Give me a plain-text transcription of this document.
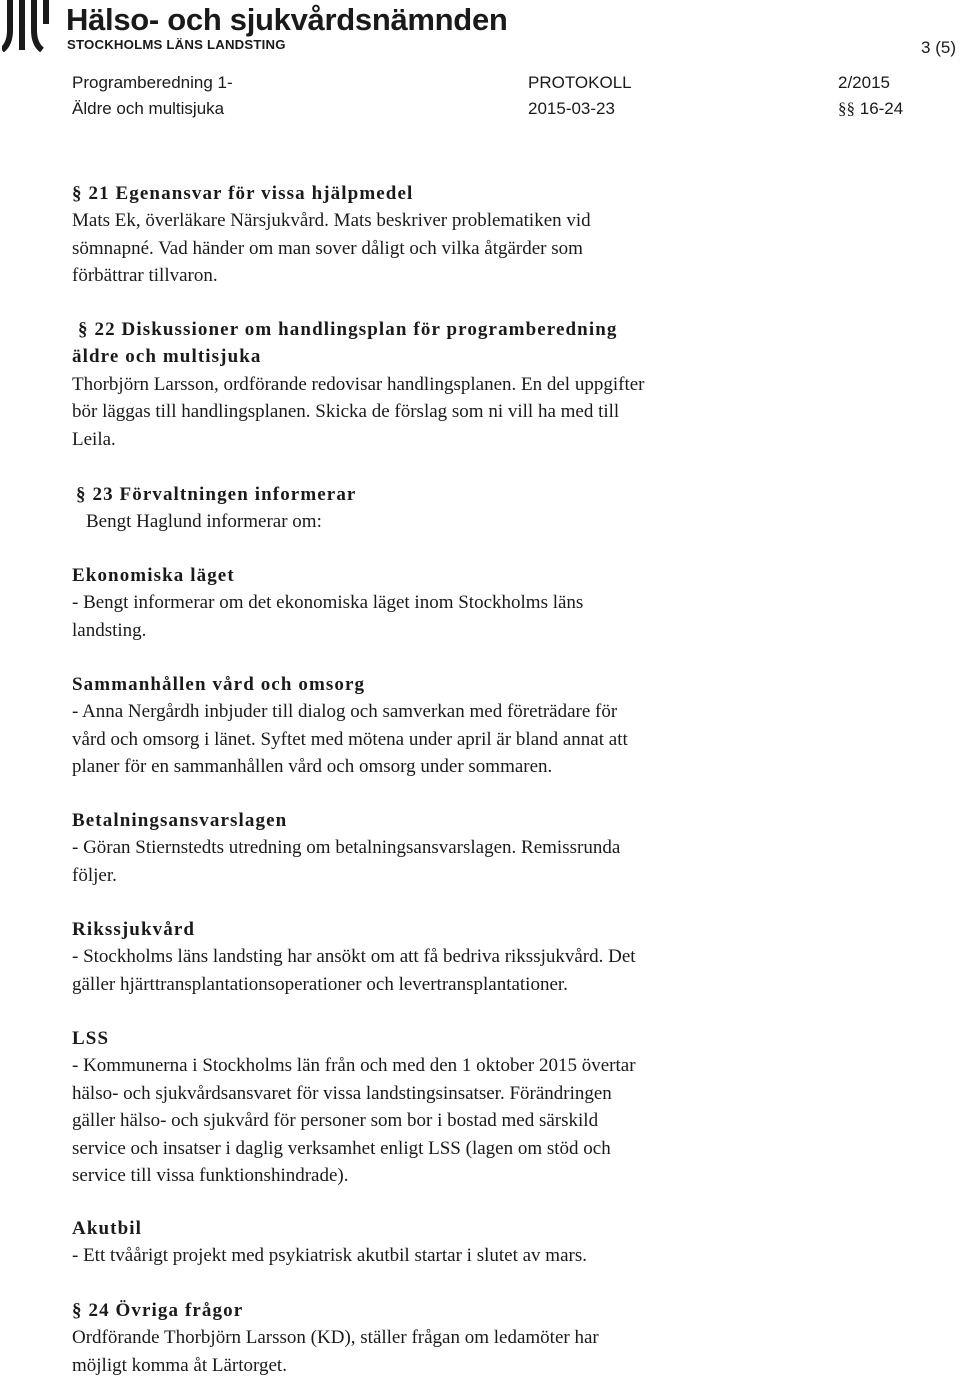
Hälso- och sjukvårdsnämnden
STOCKHOLMS LÄNS LANDSTING	3 (5)
Programberedning 1-
Äldre och multisjuka
PROTOKOLL
2015-03-23
2/2015
§§ 16-24

§ 21 Egenansvar för vissa hjälpmedel

Mats Ek, överläkare Närsjukvård. Mats beskriver problematiken vid

sömnapné. Vad händer om man sover dåligt och vilka åtgärder som

förbättrar tillvaron.

§ 22 Diskussioner om handlingsplan för programberedning

äldre och multisjuka

Thorbjörn Larsson, ordförande redovisar handlingsplanen. En del uppgifter

bör läggas till handlingsplanen. Skicka de förslag som ni vill ha med till

Leila.

§ 23 Förvaltningen informerar

Bengt Haglund informerar om:

Ekonomiska läget

- Bengt informerar om det ekonomiska läget inom Stockholms läns

landsting.

Sammanhållen vård och omsorg

- Anna Nergårdh inbjuder till dialog och samverkan med företrädare för

vård och omsorg i länet. Syftet med mötena under april är bland annat att

planer för en sammanhållen vård och omsorg under sommaren.

Betalningsansvarslagen

- Göran Stiernstedts utredning om betalningsansvarslagen. Remissrunda

följer.

Rikssjukvård

- Stockholms läns landsting har ansökt om att få bedriva rikssjukvård. Det

gäller hjärttransplantationsoperationer och levertransplantationer.

LSS

- Kommunerna i Stockholms län från och med den 1 oktober 2015 övertar

hälso- och sjukvårdsansvaret för vissa landstingsinsatser. Förändringen

gäller hälso- och sjukvård för personer som bor i bostad med särskild

service och insatser i daglig verksamhet enligt LSS (lagen om stöd och

service till vissa funktionshindrade).

Akutbil

- Ett tvåårigt projekt med psykiatrisk akutbil startar i slutet av mars.

§ 24 Övriga frågor

Ordförande Thorbjörn Larsson (KD), ställer frågan om ledamöter har

möjligt komma åt Lärtorget.
